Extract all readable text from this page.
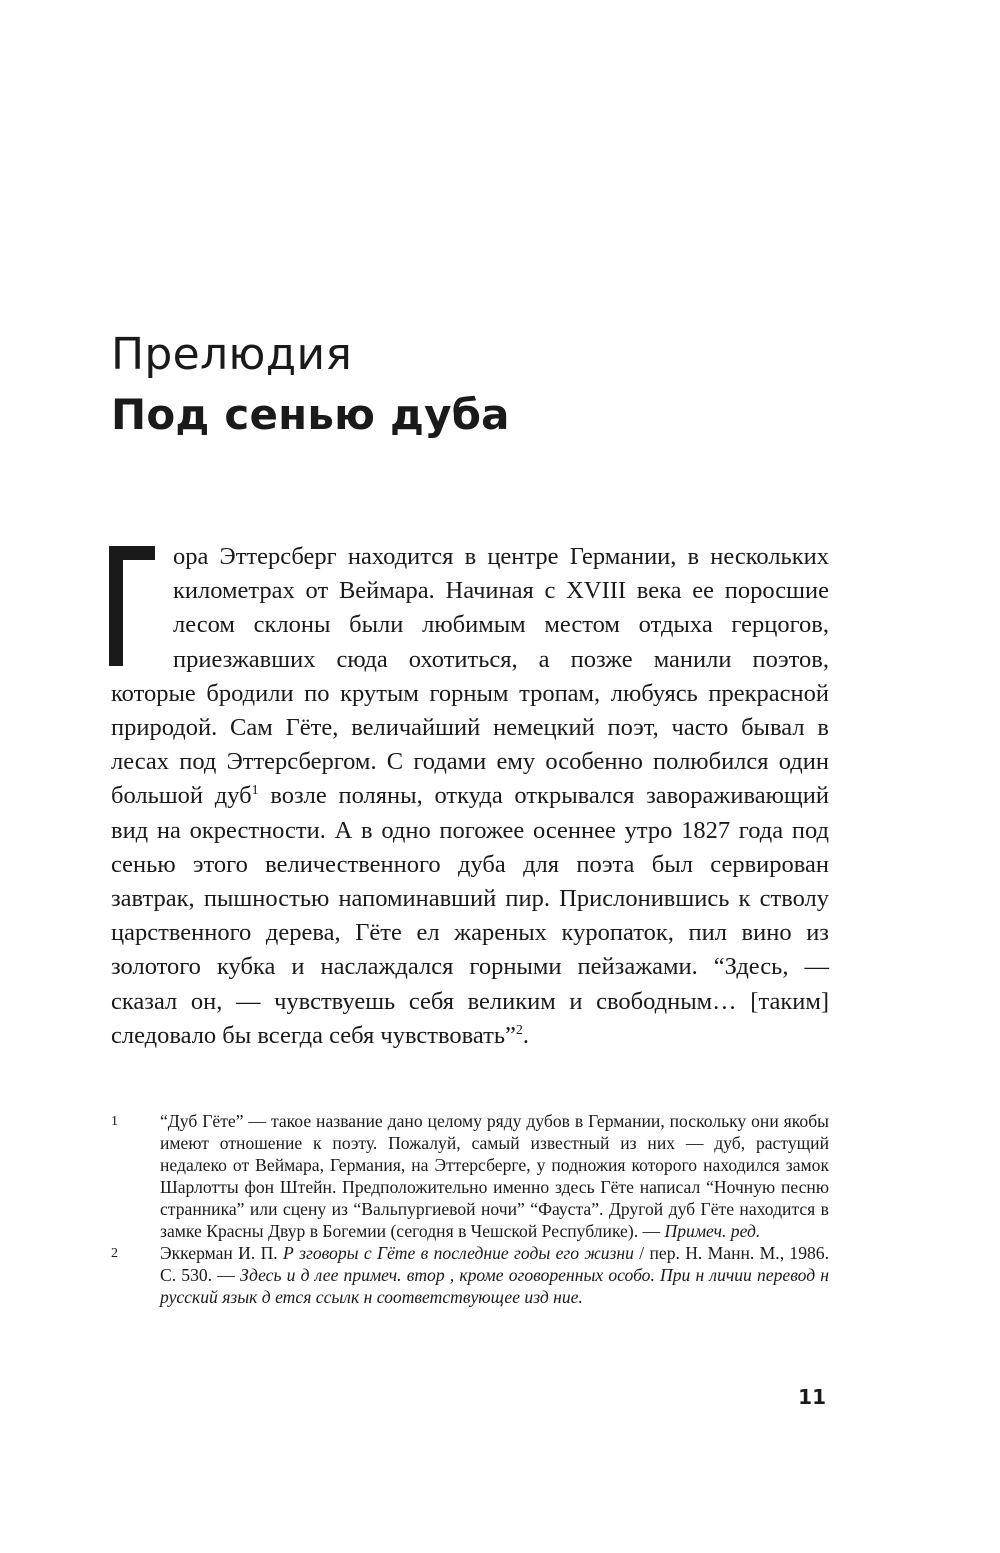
Прелюдия
Под сенью дуба

ора Эттерсберг находится в центре Германии, в нескольких километрах от Веймара. Начиная с XVIII века ее поросшие лесом склоны были любимым местом отдыха герцогов, приезжавших сюда охотиться, а позже манили поэтов, которые бродили по крутым горным тропам, любуясь прекрасной природой. Сам Гёте, величайший немецкий поэт, часто бывал в лесах под Эттерсбергом. С годами ему особенно полюбился один большой дуб$^1$ возле поляны, откуда открывался завораживающий вид на окрестности. А в одно погожее осеннее утро 1827 года под сенью этого величественного дуба для поэта был сервирован завтрак, пышностью напоминавший пир. Прислонившись к стволу царственного дерева, Гёте ел жареных куропаток, пил вино из золотого кубка и наслаждался горными пейзажами. “Здесь, — сказал он, — чувствуешь себя великим и свободным… [таким] следовало бы всегда себя чувствовать”$^2$.

1 “Дуб Гёте” — такое название дано целому ряду дубов в Германии, поскольку они якобы имеют отношение к поэту. Пожалуй, самый известный из них — дуб, растущий недалеко от Веймара, Германия, на Эттерсберге, у подножия которого находился замок Шарлотты фон Штейн. Предположительно именно здесь Гёте написал “Ночную песню странника” или сцену из “Вальпургиевой ночи” “Фауста”. Другой дуб Гёте находится в замке Красны Двур в Богемии (сегодня в Чешской Республике). — Примеч. ред.
2 Эккерман И. П. Р зговоры с Гёте в последние годы его жизни / пер. Н. Манн. М., 1986. С. 530. — Здесь и д лее примеч. втор , кроме оговоренных особо. При н личии перевод н русский язык д ется ссылк н соответствующее изд ние.
11
